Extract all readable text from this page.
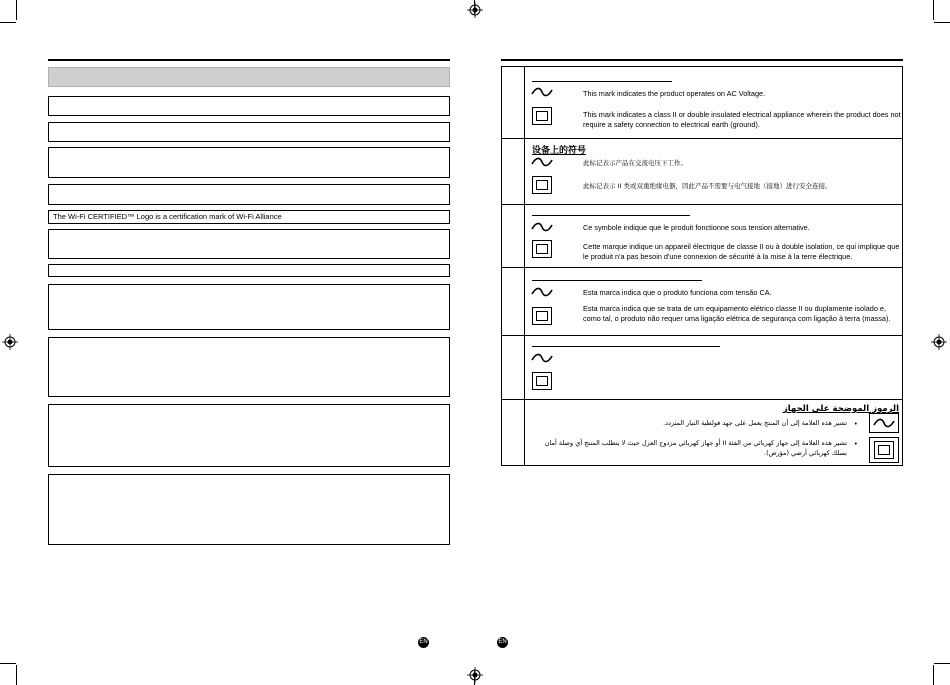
The Wi-Fi CERTIFIED™ Logo is a certification mark of Wi-Fi Alliance
EN
This mark indicates the product operates on AC Voltage.
This mark indicates a class II or double insulated electrical appliance wherein the product does not require a safety connection to electrical earth (ground).
设备上的符号
此标记表示产品在交流电压下工作。
此标记表示 II 类或双重绝缘电器，因此产品不需要与电气接地（接地）进行安全连接。
Ce symbole indique que le produit fonctionne sous tension alternative.
Cette marque indique un appareil électrique de classe II ou à double isolation, ce qui implique que le produit n'a pas besoin d'une connexion de sécurité à la mise à la terre électrique.
Esta marca indica que o produto funciona com tensão CA.
Esta marca indica que se trata de um equipamento elétrico classe II ou duplamente isolado e, como tal, o produto não requer uma ligação elétrica de segurança com ligação à terra (massa).
الرموز الموضحة على الجهاز
•
تشير هذه العلامة إلى أن المنتج يعمل على جهد فولطية التيار المتردد.
•
تشير هذه العلامة إلى جهاز كهربائي من الفئة II أو جهاز كهربائي مزدوج العزل حيث لا يتطلب المنتج أي وصلة أمان بسلك كهربائي أرضي (مؤرض).
EN
